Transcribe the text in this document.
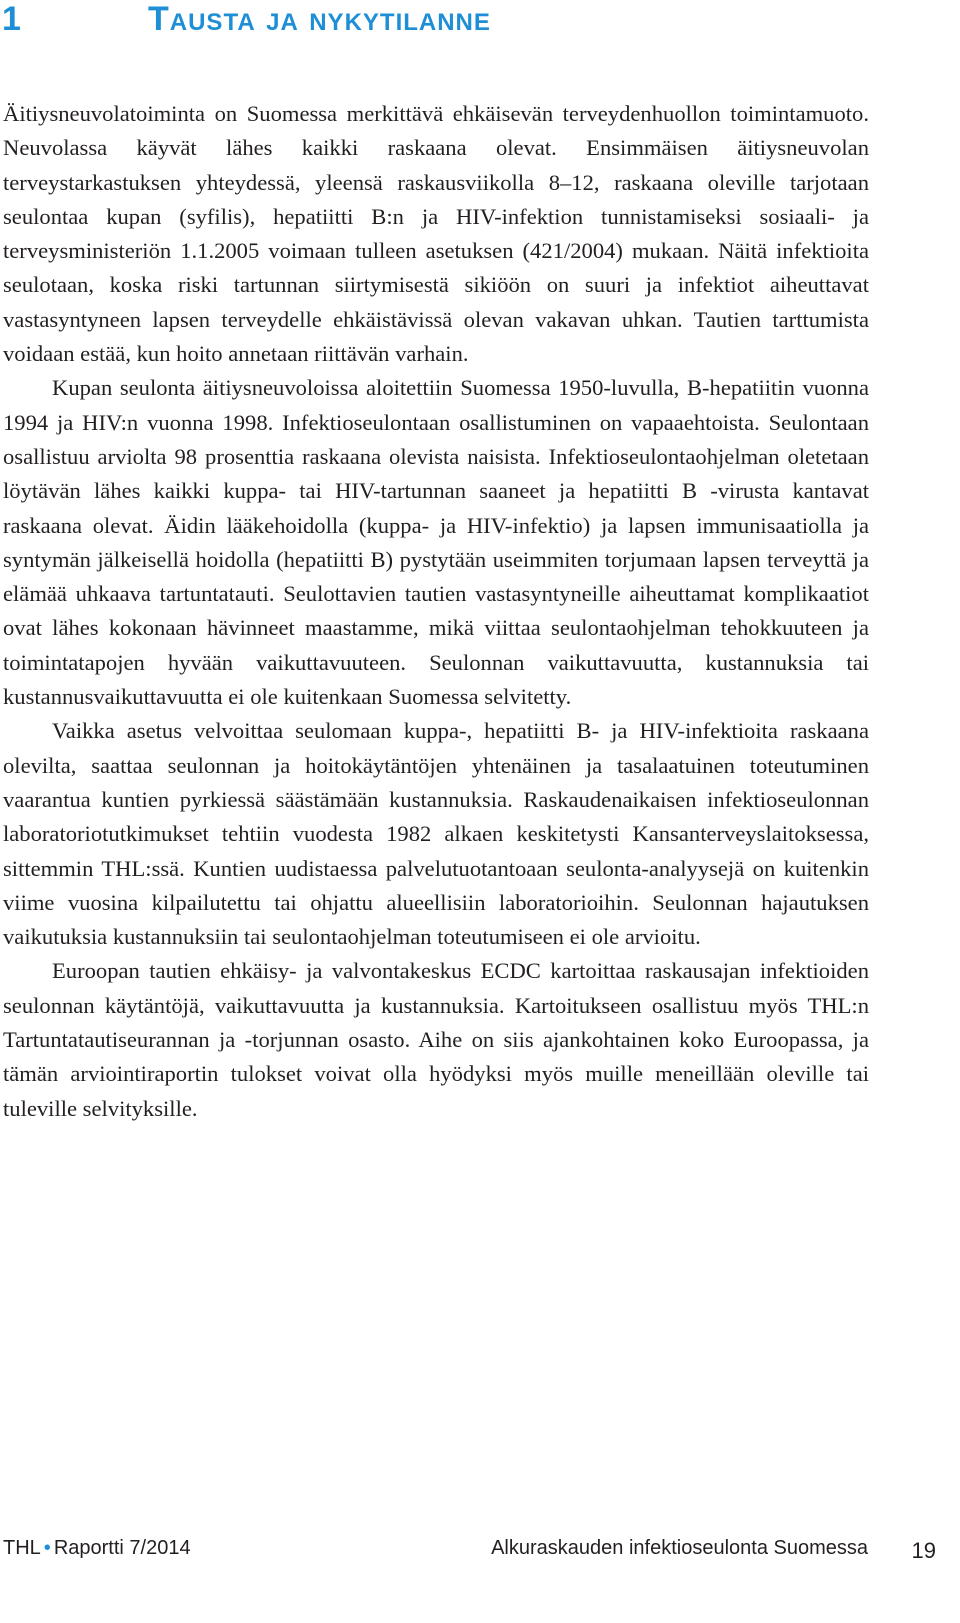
1	Tausta ja nykytilanne

Äitiysneuvolatoiminta on Suomessa merkittävä ehkäisevän terveydenhuollon toimintamuoto. Neuvolassa käyvät lähes kaikki raskaana olevat. Ensimmäisen äitiysneuvolan terveystarkastuksen yhteydessä, yleensä raskausviikolla 8–12, raskaana oleville tarjotaan seulontaa kupan (syfilis), hepatiitti B:n ja HIV-infektion tunnistamiseksi sosiaali- ja terveysministeriön 1.1.2005 voimaan tulleen asetuksen (421/2004) mukaan. Näitä infektioita seulotaan, koska riski tartunnan siirtymisestä sikiöön on suuri ja infektiot aiheuttavat vastasyntyneen lapsen terveydelle ehkäistävissä olevan vakavan uhkan. Tautien tarttumista voidaan estää, kun hoito annetaan riittävän varhain.

Kupan seulonta äitiysneuvoloissa aloitettiin Suomessa 1950-luvulla, B-hepatiitin vuonna 1994 ja HIV:n vuonna 1998. Infektioseulontaan osallistuminen on vapaaehtoista. Seulontaan osallistuu arviolta 98 prosenttia raskaana olevista naisista. Infektioseulontaohjelman oletetaan löytävän lähes kaikki kuppa- tai HIV-tartunnan saaneet ja hepatiitti B -virusta kantavat raskaana olevat. Äidin lääkehoidolla (kuppa- ja HIV-infektio) ja lapsen immunisaatiolla ja syntymän jälkeisellä hoidolla (hepatiitti B) pystytään useimmiten torjumaan lapsen terveyttä ja elämää uhkaava tartuntatauti. Seulottavien tautien vastasyntyneille aiheuttamat komplikaatiot ovat lähes kokonaan hävinneet maastamme, mikä viittaa seulontaohjelman tehokkuuteen ja toimintatapojen hyvään vaikuttavuuteen. Seulonnan vaikuttavuutta, kustannuksia tai kustannusvaikuttavuutta ei ole kuitenkaan Suomessa selvitetty.

Vaikka asetus velvoittaa seulomaan kuppa-, hepatiitti B- ja HIV-infektioita raskaana olevilta, saattaa seulonnan ja hoitokäytäntöjen yhtenäinen ja tasalaatuinen toteutuminen vaarantua kuntien pyrkiessä säästämään kustannuksia. Raskaudenaikaisen infektioseulonnan laboratoriotutkimukset tehtiin vuodesta 1982 alkaen keskitetysti Kansanterveyslaitoksessa, sittemmin THL:ssä. Kuntien uudistaessa palvelutuotantoaan seulonta-analyysejä on kuitenkin viime vuosina kilpailutettu tai ohjattu alueellisiin laboratorioihin. Seulonnan hajautuksen vaikutuksia kustannuksiin tai seulontaohjelman toteutumiseen ei ole arvioitu.

Euroopan tautien ehkäisy- ja valvontakeskus ECDC kartoittaa raskausajan infektioiden seulonnan käytäntöjä, vaikuttavuutta ja kustannuksia. Kartoitukseen osallistuu myös THL:n Tartuntatautiseurannan ja -torjunnan osasto. Aihe on siis ajankohtainen koko Euroopassa, ja tämän arviointiraportin tulokset voivat olla hyödyksi myös muille meneillään oleville tai tuleville selvityksille.

THL • Raportti 7/2014	Alkuraskauden infektioseulonta Suomessa 19
